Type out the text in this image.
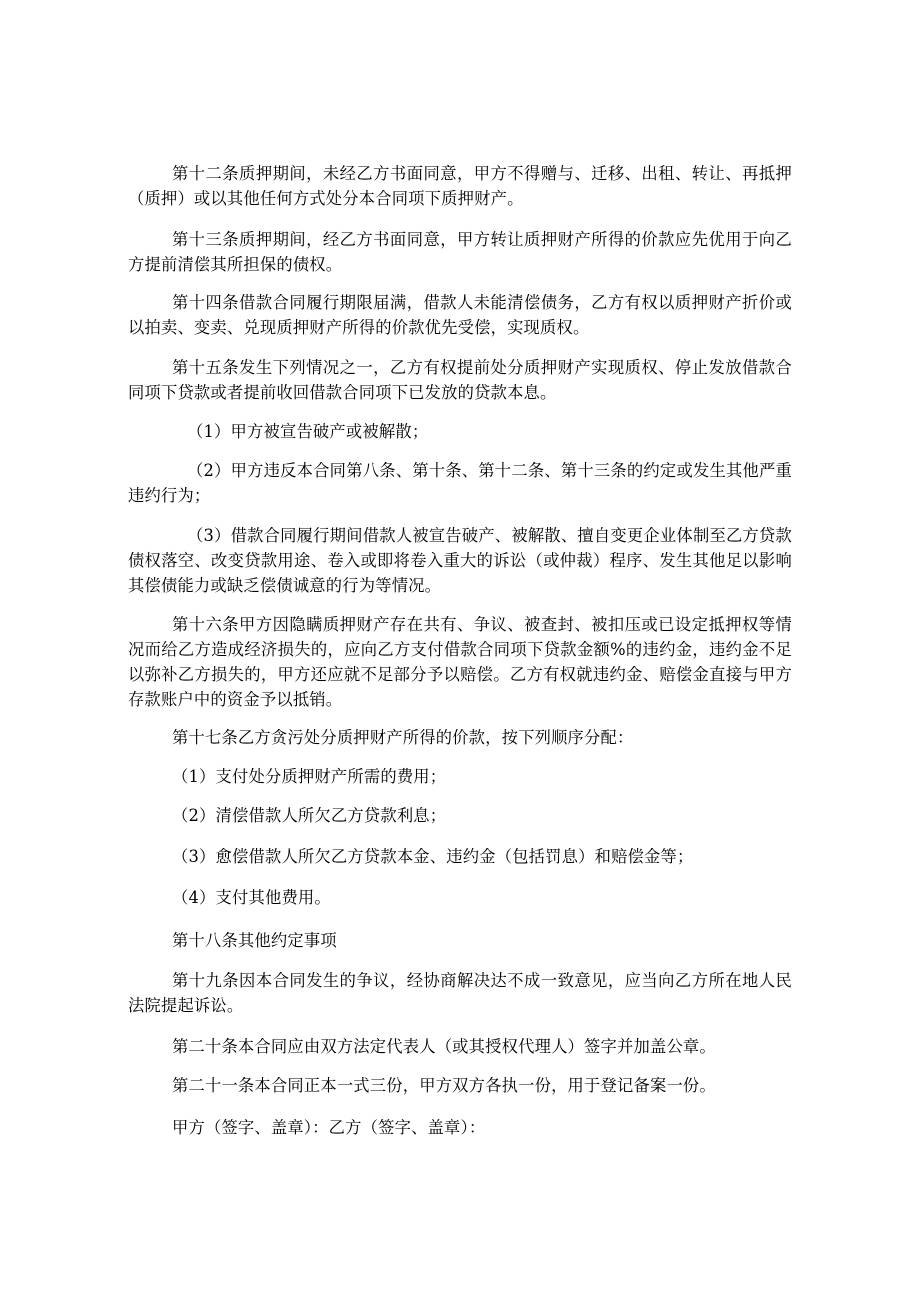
第十二条质押期间，未经乙方书面同意，甲方不得赠与、迁移、出租、转让、再抵押（质押）或以其他任何方式处分本合同项下质押财产。

第十三条质押期间，经乙方书面同意，甲方转让质押财产所得的价款应先优用于向乙方提前清偿其所担保的债权。

第十四条借款合同履行期限届满，借款人未能清偿债务，乙方有权以质押财产折价或以拍卖、变卖、兑现质押财产所得的价款优先受偿，实现质权。

第十五条发生下列情况之一，乙方有权提前处分质押财产实现质权、停止发放借款合同项下贷款或者提前收回借款合同项下已发放的贷款本息。

（1）甲方被宣告破产或被解散；

（2）甲方违反本合同第八条、第十条、第十二条、第十三条的约定或发生其他严重违约行为；

（3）借款合同履行期间借款人被宣告破产、被解散、擅自变更企业体制至乙方贷款债权落空、改变贷款用途、卷入或即将卷入重大的诉讼（或仲裁）程序、发生其他足以影响其偿债能力或缺乏偿债诚意的行为等情况。

第十六条甲方因隐瞒质押财产存在共有、争议、被查封、被扣压或已设定抵押权等情况而给乙方造成经济损失的，应向乙方支付借款合同项下贷款金额%的违约金，违约金不足以弥补乙方损失的，甲方还应就不足部分予以赔偿。乙方有权就违约金、赔偿金直接与甲方存款账户中的资金予以抵销。

第十七条乙方贪污处分质押财产所得的价款，按下列顺序分配：

（1）支付处分质押财产所需的费用；

（2）清偿借款人所欠乙方贷款利息；

（3）愈偿借款人所欠乙方贷款本金、违约金（包括罚息）和赔偿金等；

（4）支付其他费用。

第十八条其他约定事项

第十九条因本合同发生的争议，经协商解决达不成一致意见，应当向乙方所在地人民法院提起诉讼。

第二十条本合同应由双方法定代表人（或其授权代理人）签字并加盖公章。

第二十一条本合同正本一式三份，甲方双方各执一份，用于登记备案一份。

甲方（签字、盖章）：乙方（签字、盖章）：
